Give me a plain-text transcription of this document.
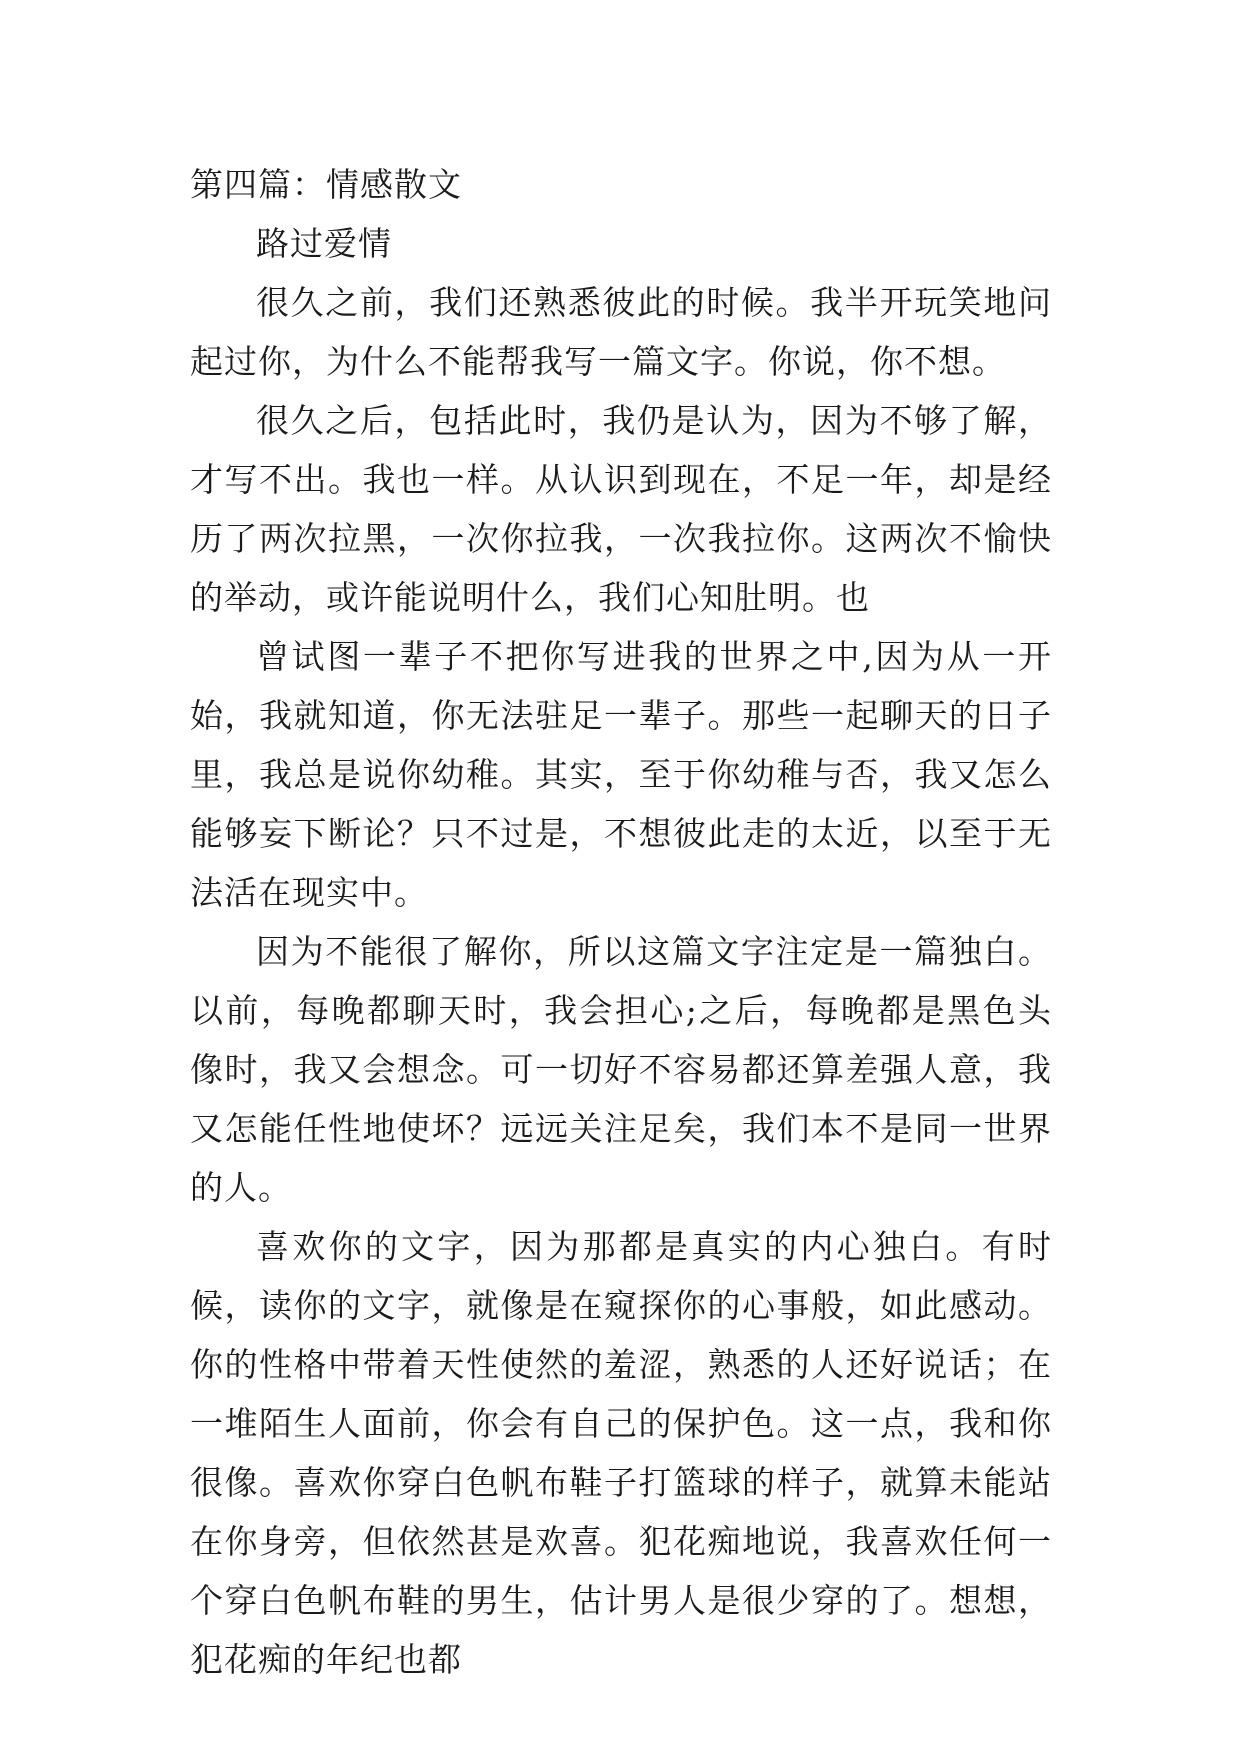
第四篇：情感散文

路过爱情

很久之前，我们还熟悉彼此的时候。我半开玩笑地问起过你，为什么不能帮我写一篇文字。你说，你不想。

很久之后，包括此时，我仍是认为，因为不够了解，才写不出。我也一样。从认识到现在，不足一年，却是经历了两次拉黑，一次你拉我，一次我拉你。这两次不愉快的举动，或许能说明什么，我们心知肚明。也

曾试图一辈子不把你写进我的世界之中,因为从一开始，我就知道，你无法驻足一辈子。那些一起聊天的日子里，我总是说你幼稚。其实，至于你幼稚与否，我又怎么能够妄下断论？只不过是，不想彼此走的太近，以至于无法活在现实中。

因为不能很了解你，所以这篇文字注定是一篇独白。以前，每晚都聊天时，我会担心;之后，每晚都是黑色头像时，我又会想念。可一切好不容易都还算差强人意，我又怎能任性地使坏？远远关注足矣，我们本不是同一世界的人。

喜欢你的文字，因为那都是真实的内心独白。有时候，读你的文字，就像是在窥探你的心事般，如此感动。你的性格中带着天性使然的羞涩，熟悉的人还好说话；在一堆陌生人面前，你会有自己的保护色。这一点，我和你很像。喜欢你穿白色帆布鞋子打篮球的样子，就算未能站在你身旁，但依然甚是欢喜。犯花痴地说，我喜欢任何一个穿白色帆布鞋的男生，估计男人是很少穿的了。想想，犯花痴的年纪也都
